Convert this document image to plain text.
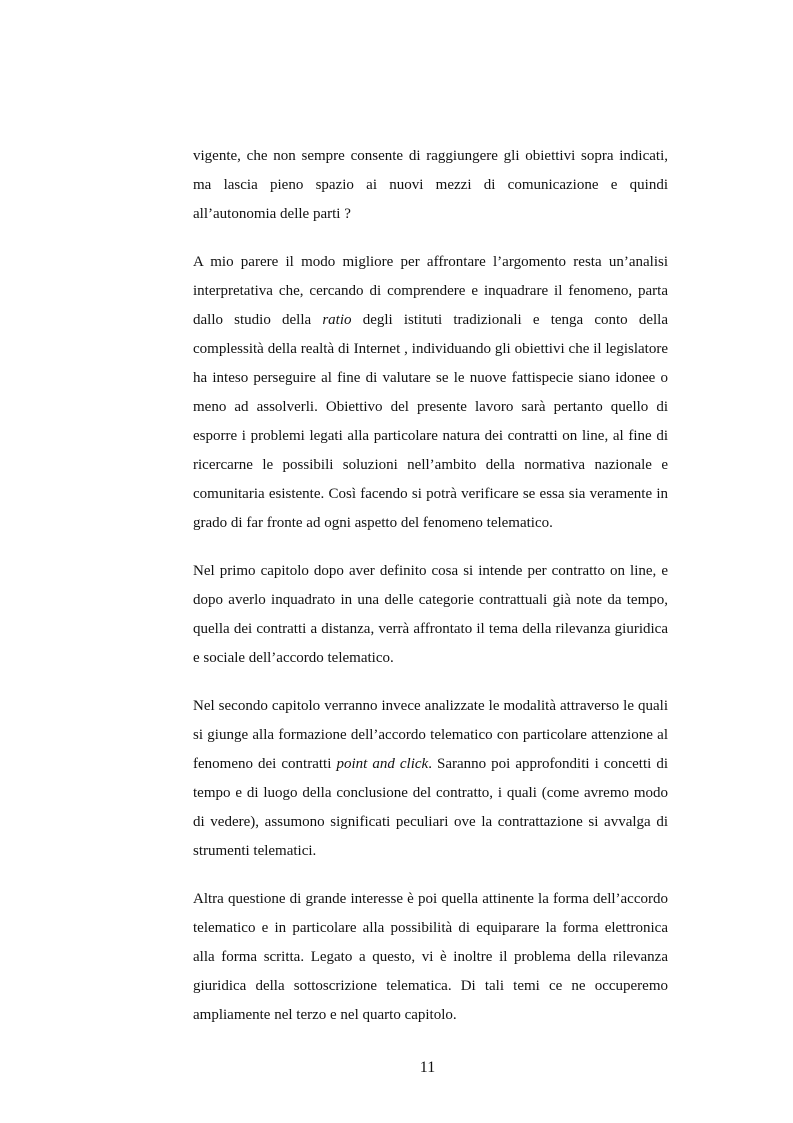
vigente, che non sempre consente di raggiungere gli obiettivi sopra indicati, ma lascia pieno spazio ai nuovi mezzi di comunicazione e quindi all’autonomia delle parti ?

A mio parere il modo migliore per affrontare l’argomento resta un’analisi interpretativa che, cercando di comprendere e inquadrare il fenomeno, parta dallo studio della ratio degli istituti tradizionali e tenga conto della complessità della realtà di Internet , individuando gli obiettivi che il legislatore ha inteso perseguire al fine di valutare se le nuove fattispecie siano idonee o meno ad assolverli. Obiettivo del presente lavoro sarà pertanto quello di esporre i problemi legati alla particolare natura dei contratti on line, al fine di ricercarne le possibili soluzioni nell’ambito della normativa nazionale e comunitaria esistente. Così facendo si potrà verificare se essa sia veramente in grado di far fronte ad ogni aspetto del fenomeno telematico.

Nel primo capitolo dopo aver definito cosa si intende per contratto on line, e dopo averlo inquadrato in una delle categorie contrattuali già note da tempo, quella dei contratti a distanza, verrà affrontato il tema della rilevanza giuridica e sociale dell’accordo telematico.

Nel secondo capitolo verranno invece analizzate le modalità attraverso le quali si giunge alla formazione dell’accordo telematico con particolare attenzione al fenomeno dei contratti point and click. Saranno poi approfonditi i concetti di tempo e di luogo della conclusione del contratto, i quali (come avremo modo di vedere), assumono significati peculiari ove la contrattazione si avvalga di strumenti telematici.

Altra questione di grande interesse è poi quella attinente la forma dell’accordo telematico e in particolare alla possibilità di equiparare la forma elettronica alla forma scritta. Legato a questo, vi è inoltre il problema della rilevanza giuridica della sottoscrizione telematica. Di tali temi ce ne occuperemo ampliamente nel terzo e nel quarto capitolo.

11
